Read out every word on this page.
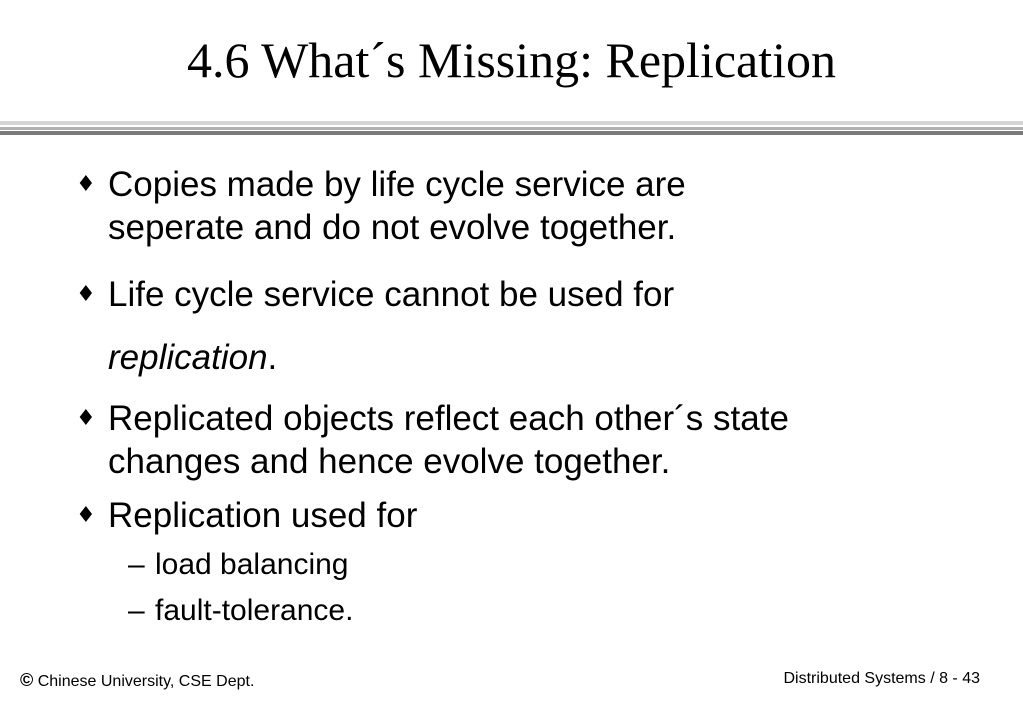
4.6 What´s Missing: Replication
♦ Copies made by life cycle service are
seperate and do not evolve together.
♦ Life cycle service cannot be used for
replication.
♦ Replicated objects reflect each other´s state
changes and hence evolve together.
♦ Replication used for
– load balancing
– fault-tolerance.
© Chinese University, CSE Dept.	Distributed Systems / 8 - 43
